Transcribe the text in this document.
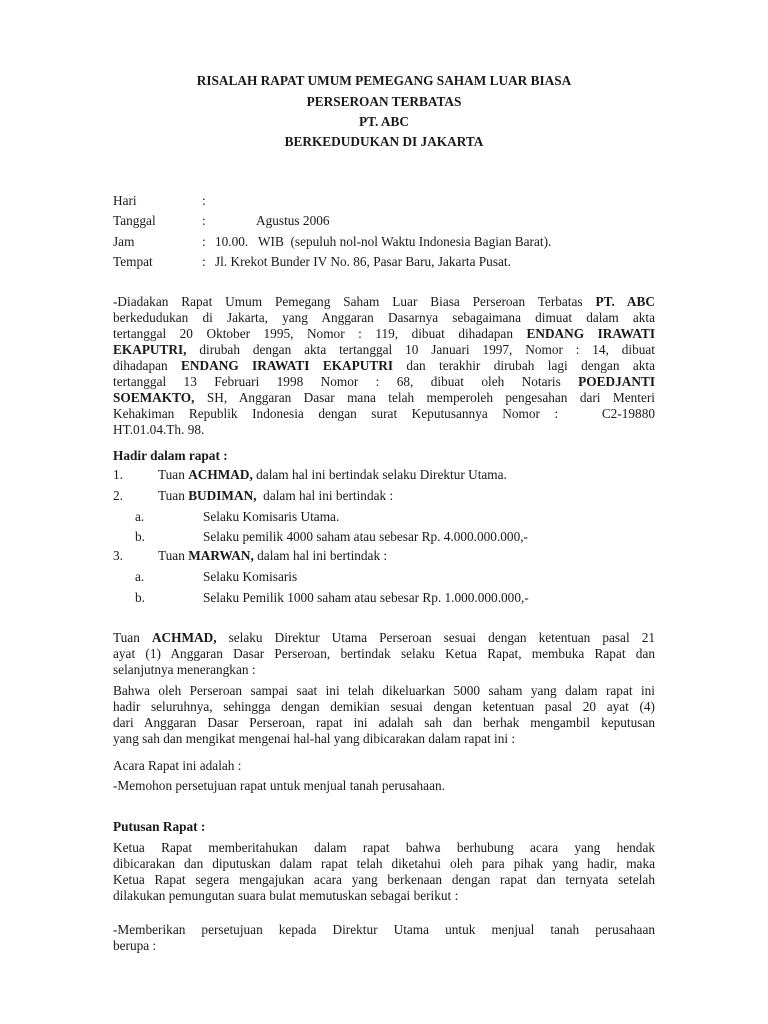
RISALAH RAPAT UMUM PEMEGANG SAHAM LUAR BIASA
PERSEROAN TERBATAS
PT. ABC
BERKEDUDUKAN DI JAKARTA
Hari	:
Tanggal	:	Agustus 2006
Jam	: 10.00.   WIB  (sepuluh nol-nol Waktu Indonesia Bagian Barat).
Tempat	: Jl. Krekot Bunder IV No. 86, Pasar Baru, Jakarta Pusat.
-Diadakan Rapat Umum Pemegang Saham Luar Biasa Perseroan Terbatas PT. ABC
berkedudukan di Jakarta, yang Anggaran Dasarnya sebagaimana dimuat dalam akta
tertanggal 20 Oktober 1995, Nomor : 119, dibuat dihadapan ENDANG IRAWATI
EKAPUTRI, dirubah dengan akta tertanggal 10 Januari 1997, Nomor : 14, dibuat
dihadapan ENDANG IRAWATI EKAPUTRI dan terakhir dirubah lagi dengan akta
tertanggal 13 Februari 1998 Nomor : 68, dibuat oleh Notaris POEDJANTI
SOEMAKTO, SH, Anggaran Dasar mana telah memperoleh pengesahan dari Menteri
Kehakiman Republik Indonesia dengan surat Keputusannya Nomor :   C2-19880
HT.01.04.Th. 98.
Hadir dalam rapat :
1.	Tuan ACHMAD, dalam hal ini bertindak selaku Direktur Utama.
2.	Tuan BUDIMAN,  dalam hal ini bertindak :
a.	Selaku Komisaris Utama.
b.	Selaku pemilik 4000 saham atau sebesar Rp. 4.000.000.000,-
3.	Tuan MARWAN, dalam hal ini bertindak :
a.	Selaku Komisaris
b.	Selaku Pemilik 1000 saham atau sebesar Rp. 1.000.000.000,-
Tuan ACHMAD, selaku Direktur Utama Perseroan sesuai dengan ketentuan pasal 21
ayat (1) Anggaran Dasar Perseroan, bertindak selaku Ketua Rapat, membuka Rapat dan
selanjutnya menerangkan :
Bahwa oleh Perseroan sampai saat ini telah dikeluarkan 5000 saham yang dalam rapat ini
hadir seluruhnya, sehingga dengan demikian sesuai dengan ketentuan pasal 20 ayat (4)
dari Anggaran Dasar Perseroan, rapat ini adalah sah dan berhak mengambil keputusan
yang sah dan mengikat mengenai hal-hal yang dibicarakan dalam rapat ini :
Acara Rapat ini adalah :
-Memohon persetujuan rapat untuk menjual tanah perusahaan.
Putusan Rapat :
Ketua Rapat memberitahukan dalam rapat bahwa berhubung acara yang hendak
dibicarakan dan diputuskan dalam rapat telah diketahui oleh para pihak yang hadir, maka
Ketua Rapat segera mengajukan acara yang berkenaan dengan rapat dan ternyata setelah
dilakukan pemungutan suara bulat memutuskan sebagai berikut :
-Memberikan persetujuan kepada Direktur Utama untuk menjual tanah perusahaan
berupa :
